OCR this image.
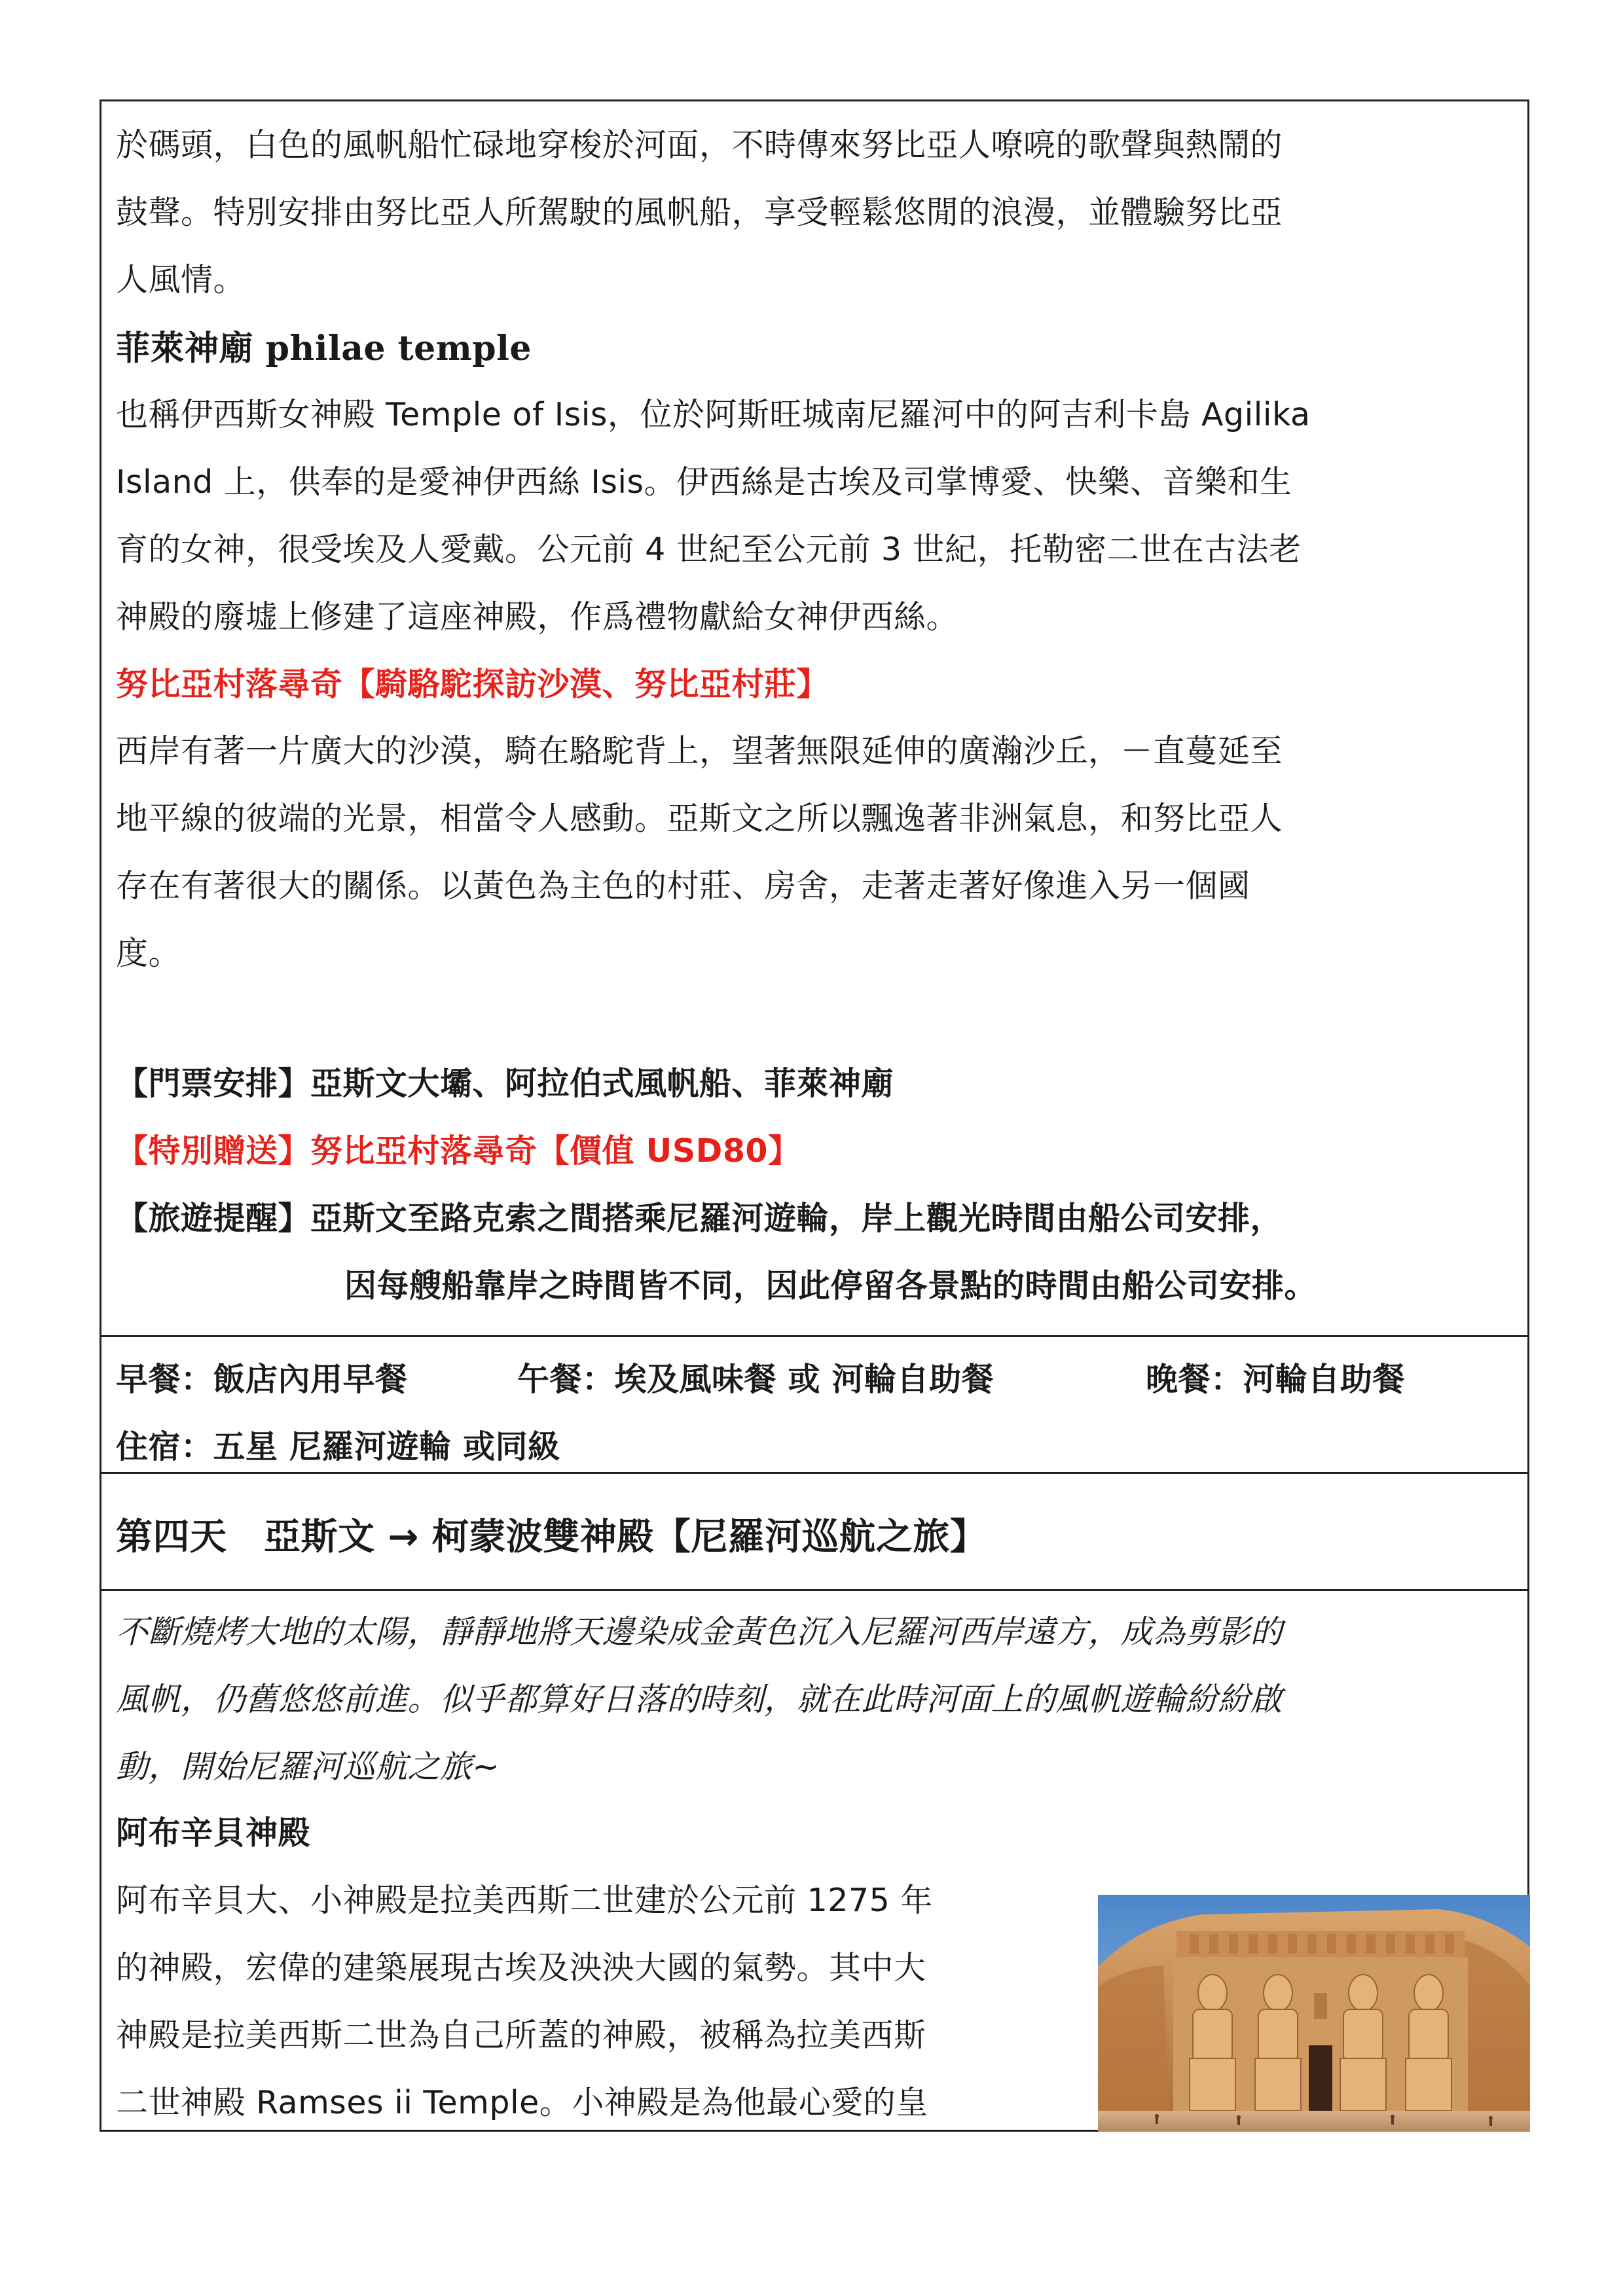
於碼頭，白色的風帆船忙碌地穿梭於河面，不時傳來努比亞人嘹喨的歌聲與熱鬧的

鼓聲。特別安排由努比亞人所駕駛的風帆船，享受輕鬆悠閒的浪漫，並體驗努比亞

人風情。

菲萊神廟 philae temple

也稱伊西斯女神殿 Temple of Isis，位於阿斯旺城南尼羅河中的阿吉利卡島 Agilika

Island 上，供奉的是愛神伊西絲 Isis。伊西絲是古埃及司掌博愛、快樂、音樂和生

育的女神，很受埃及人愛戴。公元前 4 世紀至公元前 3 世紀，托勒密二世在古法老

神殿的廢墟上修建了這座神殿，作爲禮物獻給女神伊西絲。

努比亞村落尋奇【騎駱駝探訪沙漠、努比亞村莊】

西岸有著一片廣大的沙漠，騎在駱駝背上，望著無限延伸的廣瀚沙丘，－直蔓延至

地平線的彼端的光景，相當令人感動。亞斯文之所以飄逸著非洲氣息，和努比亞人

存在有著很大的關係。以黃色為主色的村莊、房舍，走著走著好像進入另一個國

度。

【門票安排】亞斯文大壩、阿拉伯式風帆船、菲萊神廟

【特別贈送】努比亞村落尋奇【價值 USD80】

【旅遊提醒】亞斯文至路克索之間搭乘尼羅河遊輪，岸上觀光時間由船公司安排，

因每艘船靠岸之時間皆不同，因此停留各景點的時間由船公司安排。

早餐：飯店內用早餐	午餐：埃及風味餐 或 河輪自助餐	晚餐：河輪自助餐

住宿：五星 尼羅河遊輪 或同級

第四天　亞斯文 → 柯蒙波雙神殿【尼羅河巡航之旅】

不斷燒烤大地的太陽，靜靜地將天邊染成金黃色沉入尼羅河西岸遠方，成為剪影的

風帆，仍舊悠悠前進。似乎都算好日落的時刻，就在此時河面上的風帆遊輪紛紛啟

動，開始尼羅河巡航之旅~

阿布辛貝神殿

阿布辛貝大、小神殿是拉美西斯二世建於公元前 1275 年

的神殿，宏偉的建築展現古埃及泱泱大國的氣勢。其中大

神殿是拉美西斯二世為自己所蓋的神殿，被稱為拉美西斯

二世神殿 Ramses ii Temple。小神殿是為他最心愛的皇
